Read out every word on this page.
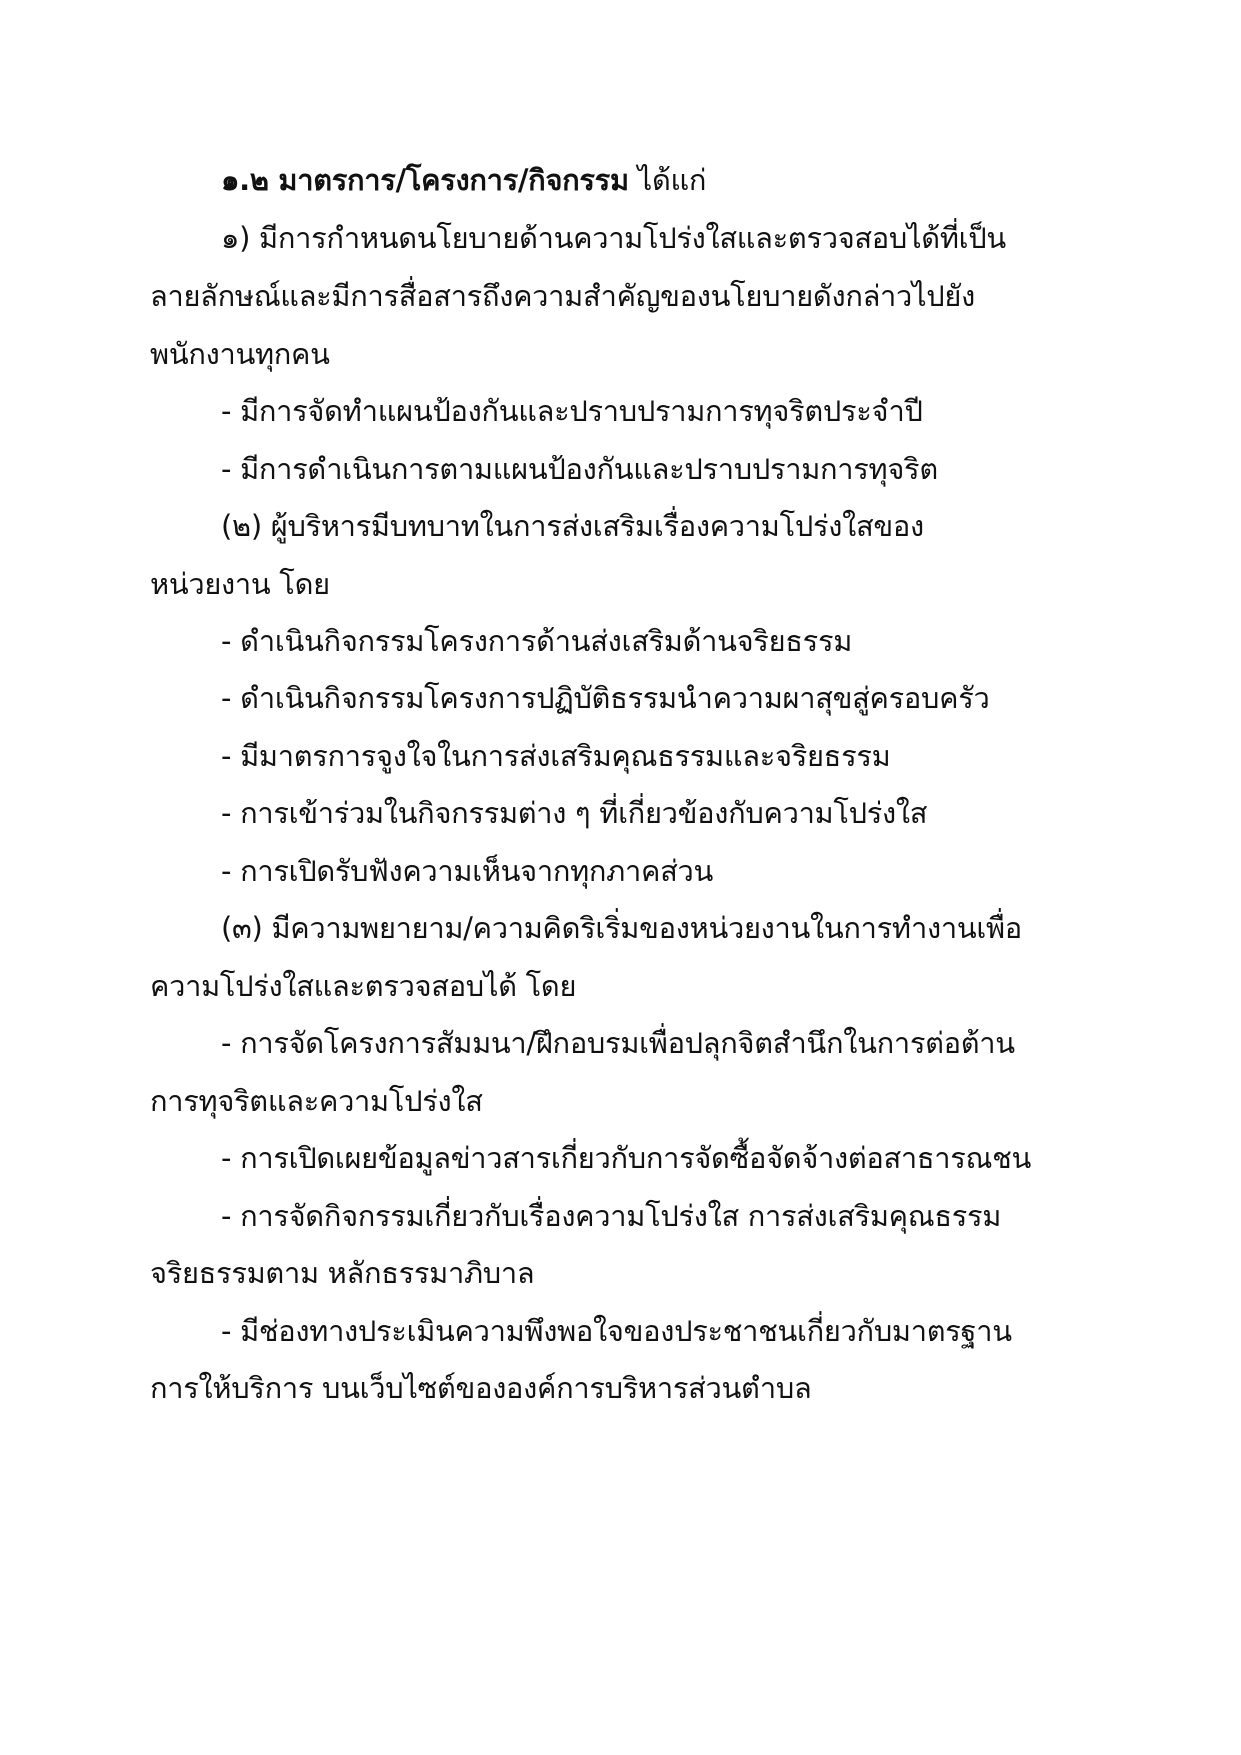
๑.๒ มาตรการ/โครงการ/กิจกรรม ได้แก่
๑) มีการกำหนดนโยบายด้านความโปร่งใสและตรวจสอบได้ที่เป็น
ลายลักษณ์และมีการสื่อสารถึงความสำคัญของนโยบายดังกล่าวไปยัง
พนักงานทุกคน
- มีการจัดทำแผนป้องกันและปราบปรามการทุจริตประจำปี
- มีการดำเนินการตามแผนป้องกันและปราบปรามการทุจริต
(๒) ผู้บริหารมีบทบาทในการส่งเสริมเรื่องความโปร่งใสของ
หน่วยงาน โดย
- ดำเนินกิจกรรมโครงการด้านส่งเสริมด้านจริยธรรม
- ดำเนินกิจกรรมโครงการปฏิบัติธรรมนำความผาสุขสู่ครอบครัว
- มีมาตรการจูงใจในการส่งเสริมคุณธรรมและจริยธรรม
- การเข้าร่วมในกิจกรรมต่าง ๆ ที่เกี่ยวข้องกับความโปร่งใส
- การเปิดรับฟังความเห็นจากทุกภาคส่วน
(๓) มีความพยายาม/ความคิดริเริ่มของหน่วยงานในการทำงานเพื่อ
ความโปร่งใสและตรวจสอบได้ โดย
- การจัดโครงการสัมมนา/ฝึกอบรมเพื่อปลุกจิตสำนึกในการต่อต้าน
การทุจริตและความโปร่งใส
- การเปิดเผยข้อมูลข่าวสารเกี่ยวกับการจัดซื้อจัดจ้างต่อสาธารณชน
- การจัดกิจกรรมเกี่ยวกับเรื่องความโปร่งใส การส่งเสริมคุณธรรม
จริยธรรมตาม หลักธรรมาภิบาล
- มีช่องทางประเมินความพึงพอใจของประชาชนเกี่ยวกับมาตรฐาน
การให้บริการ บนเว็บไซต์ขององค์การบริหารส่วนตำบล
